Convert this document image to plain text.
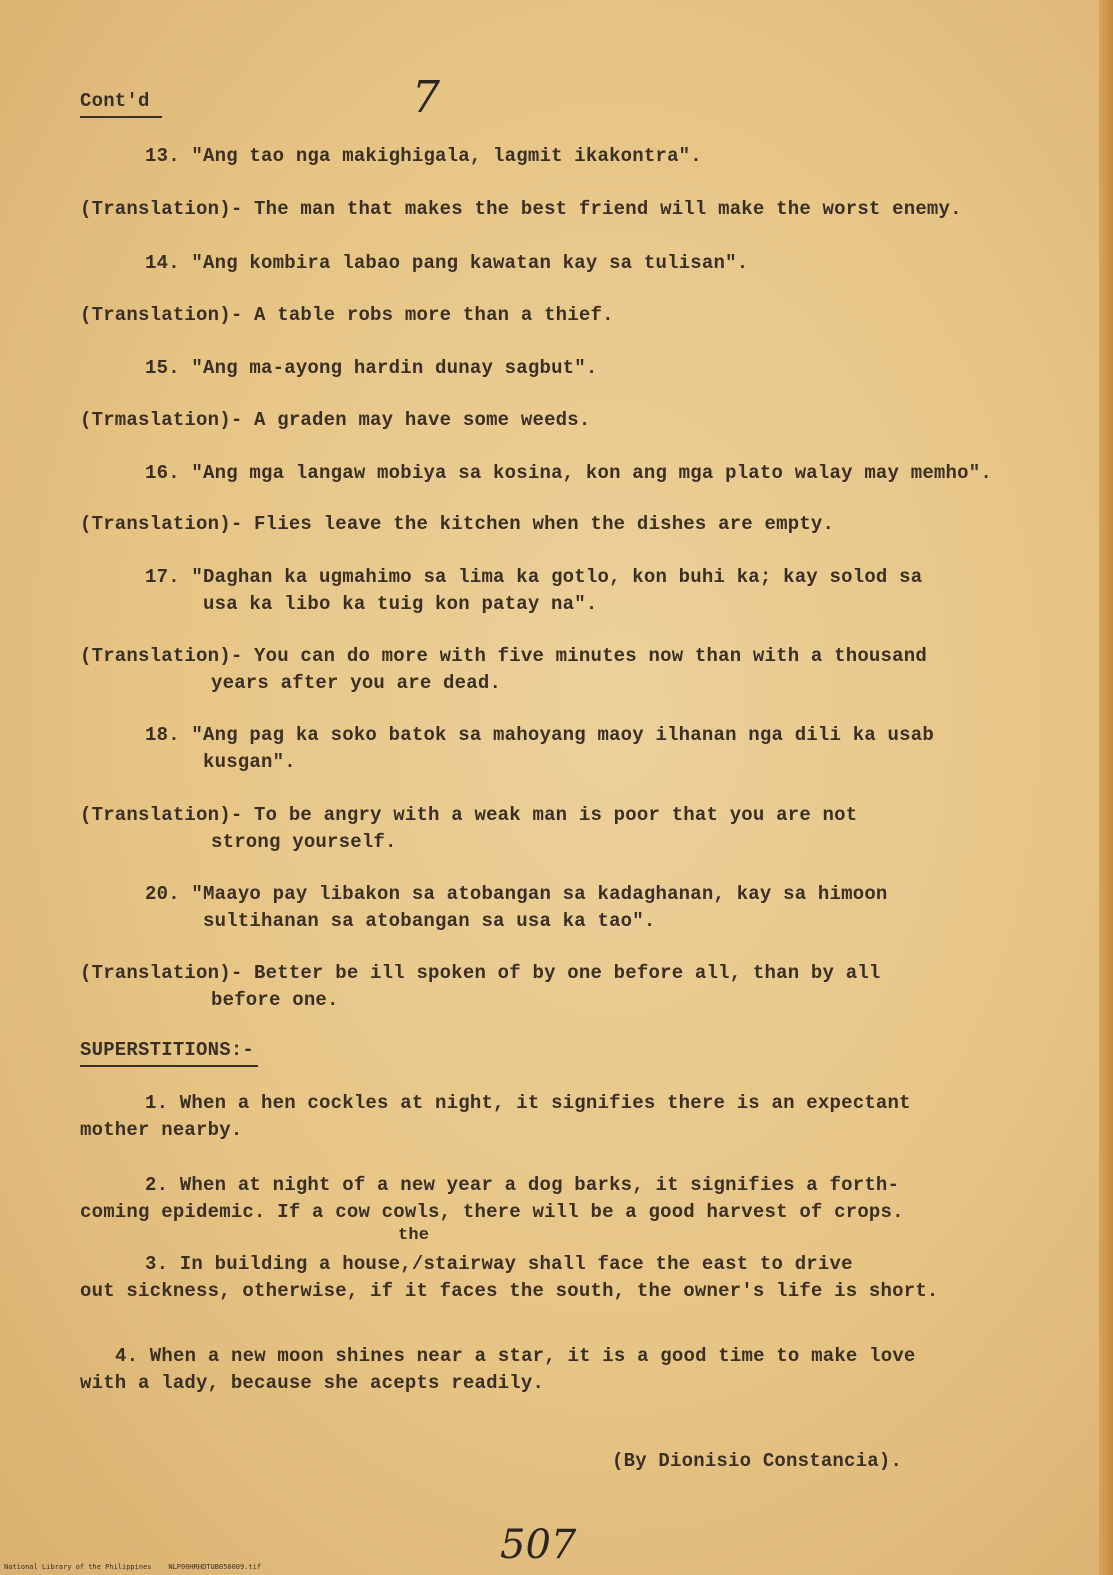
Cont'd	7
13. "Ang tao nga makighigala, lagmit ikakontra".
(Translation)- The man that makes the best friend will make the worst enemy.
14. "Ang kombira labao pang kawatan kay sa tulisan".
(Translation)- A table robs more than a thief.
15. "Ang ma-ayong hardin dunay sagbut".
(Trmaslation)- A graden may have some weeds.
16. "Ang mga langaw mobiya sa kosina, kon ang mga plato walay may memho".
(Translation)- Flies leave the kitchen when the dishes are empty.
17. "Daghan ka ugmahimo sa lima ka gotlo, kon buhi ka; kay solod sa
usa ka libo ka tuig kon patay na".
(Translation)- You can do more with five minutes now than with a thousand
years after you are dead.
18. "Ang pag ka soko batok sa mahoyang maoy ilhanan nga dili ka usab
kusgan".
(Translation)- To be angry with a weak man is poor that you are not
strong yourself.
20. "Maayo pay libakon sa atobangan sa kadaghanan, kay sa himoon
sultihanan sa atobangan sa usa ka tao".
(Translation)- Better be ill spoken of by one before all, than by all
before one.
SUPERSTITIONS:-
1. When a hen cockles at night, it signifies there is an expectant
mother nearby.
2. When at night of a new year a dog barks, it signifies a forth-
coming epidemic. If a cow cowls, there will be a good harvest of crops.
the
3. In building a house,/stairway shall face the east to drive
out sickness, otherwise, if it faces the south, the owner's life is short.
4. When a new moon shines near a star, it is a good time to make love
with a lady, because she acepts readily.
(By Dionisio Constancia).
507
National Library of the Philippines    NLP00HRHDTUB050009.tif
